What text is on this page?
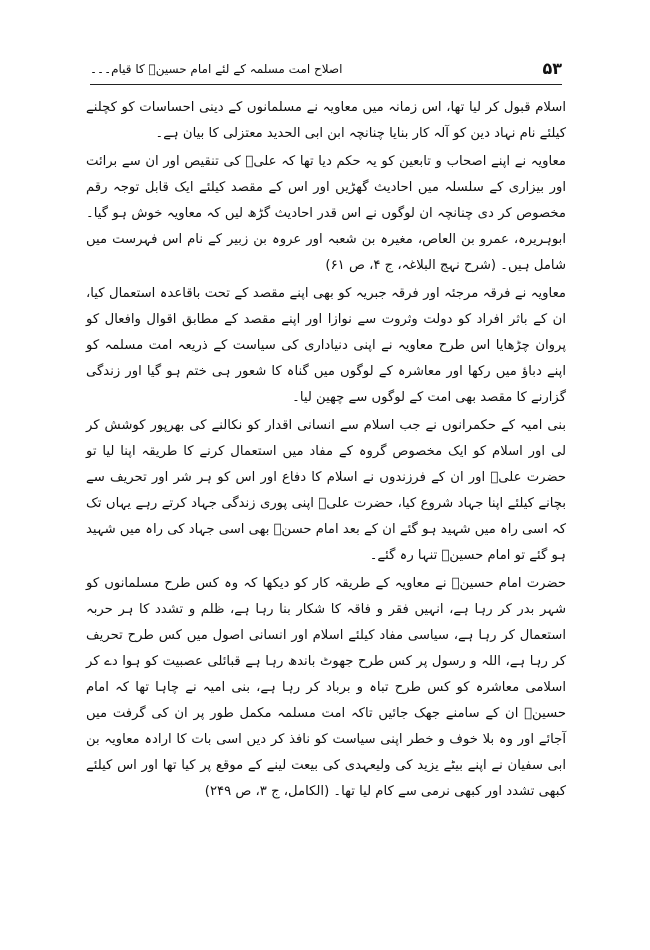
۵۳
اصلاح امت مسلمہ کے لئے امام حسینؑ کا قیام۔۔۔

اسلام قبول کر لیا تھا، اس زمانہ میں معاویہ نے مسلمانوں کے دینی احساسات کو کچلنے کیلئے نام نہاد دین کو آلہ کار بنایا چنانچہ ابن ابی الحدید معتزلی کا بیان ہے۔

معاویہ نے اپنے اصحاب و تابعین کو یہ حکم دیا تھا کہ علیؑ کی تنقیص اور ان سے برائت اور بیزاری کے سلسلہ میں احادیث گھڑیں اور اس کے مقصد کیلئے ایک قابل توجہ رقم مخصوص کر دی چنانچہ ان لوگوں نے اس قدر احادیث گڑھ لیں کہ معاویہ خوش ہو گیا۔ ابوہریرہ، عمرو بن العاص، مغیرہ بن شعبہ اور عروہ بن زبیر کے نام اس فہرست میں شامل ہیں۔ (شرح نہج البلاغہ، ج ۴، ص ۶۱)

معاویہ نے فرقہ مرجئہ اور فرقہ جبریہ کو بھی اپنے مقصد کے تحت باقاعدہ استعمال کیا، ان کے باثر افراد کو دولت وثروت سے نوازا اور اپنے مقصد کے مطابق اقوال وافعال کو پروان چڑھایا اس طرح معاویہ نے اپنی دنیاداری کی سیاست کے ذریعہ امت مسلمہ کو اپنے دباؤ میں رکھا اور معاشرہ کے لوگوں میں گناہ کا شعور ہی ختم ہو گیا اور زندگی گزارنے کا مقصد بھی امت کے لوگوں سے چھین لیا۔

بنی امیہ کے حکمرانوں نے جب اسلام سے انسانی اقدار کو نکالنے کی بھرپور کوشش کر لی اور اسلام کو ایک مخصوص گروہ کے مفاد میں استعمال کرنے کا طریقہ اپنا لیا تو حضرت علیؑ اور ان کے فرزندوں نے اسلام کا دفاع اور اس کو ہر شر اور تحریف سے بچانے کیلئے اپنا جہاد شروع کیا، حضرت علیؑ اپنی پوری زندگی جہاد کرتے رہے یہاں تک کہ اسی راہ میں شہید ہو گئے ان کے بعد امام حسنؑ بھی اسی جہاد کی راہ میں شہید ہو گئے تو امام حسینؑ تنہا رہ گئے۔

حضرت امام حسینؑ نے معاویہ کے طریقہ کار کو دیکھا کہ وہ کس طرح مسلمانوں کو شہر بدر کر رہا ہے، انہیں فقر و فاقہ کا شکار بنا رہا ہے، ظلم و تشدد کا ہر حربہ استعمال کر رہا ہے، سیاسی مفاد کیلئے اسلام اور انسانی اصول میں کس طرح تحریف کر رہا ہے، اللہ و رسول پر کس طرح جھوٹ باندھ رہا ہے قبائلی عصبیت کو ہوا دے کر اسلامی معاشرہ کو کس طرح تباہ و برباد کر رہا ہے، بنی امیہ نے چاہا تھا کہ امام حسینؑ ان کے سامنے جھک جائیں تاکہ امت مسلمہ مکمل طور پر ان کی گرفت میں آجائے اور وہ بلا خوف و خطر اپنی سیاست کو نافذ کر دیں اسی بات کا ارادہ معاویہ بن ابی سفیان نے اپنے بیٹے یزید کی ولیعہدی کی بیعت لینے کے موقع پر کیا تھا اور اس کیلئے کبھی تشدد اور کبھی نرمی سے کام لیا تھا۔ (الکامل، ج ۳، ص ۲۴۹)
